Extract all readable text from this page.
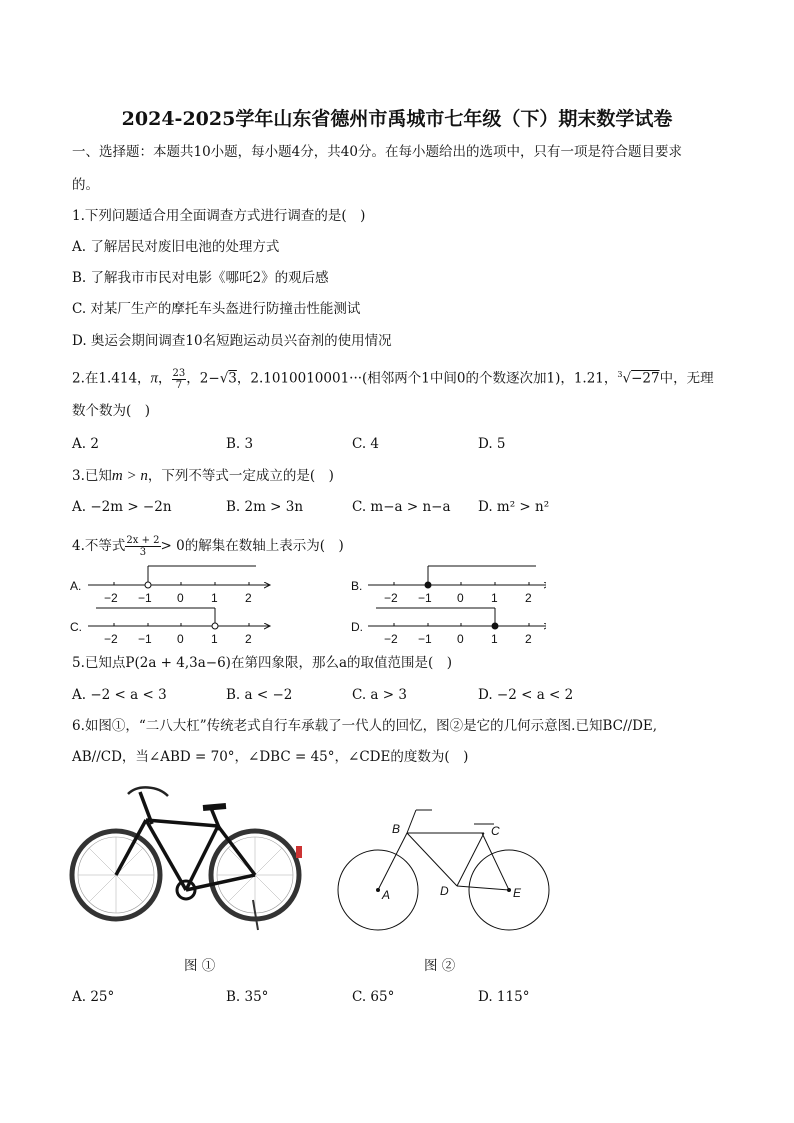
2024-2025学年山东省德州市禹城市七年级（下）期末数学试卷
一、选择题：本题共10小题，每小题4分，共40分。在每小题给出的选项中，只有一项是符合题目要求
的。
1.下列问题适合用全面调查方式进行调查的是(　)
A. 了解居民对废旧电池的处理方式
B. 了解我市市民对电影《哪吒2》的观后感
C. 对某厂生产的摩托车头盔进行防撞击性能测试
D. 奥运会期间调查10名短跑运动员兴奋剂的使用情况
2.在1.414，π， $\frac{23}{7}$ ，2−√3，2.1010010001···(相邻两个1中间0的个数逐次加1)，1.21，$^3$√−27中，无理
数个数为(　)
A. 2	B. 3	C. 4	D. 5
3.已知m > n，下列不等式一定成立的是(　)
A. −2m > −2n	B. 2m > 3n	C. m−a > n−a D. m² > n²
4.不等式 $\frac{2x + 2}{3} > 0$的解集在数轴上表示为(　)
A.
−2 −1 0 1 2
B.
−2 −1 0 1 2
C.
−2 −1 0 1 2
D.
−2 −1 0 1 2
5.已知点P(2a + 4,3a−6)在第四象限，那么a的取值范围是(　)
A. −2 < a < 3	B. a < −2	C. a > 3	D. −2 < a < 2
6.如图①，“二八大杠”传统老式自行车承载了一代人的回忆，图②是它的几何示意图.已知BC//DE,
AB//CD，当∠ABD = 70°，∠DBC = 45°，∠CDE的度数为(　)
B	C
A	D	E
图 ①	图 ②
A. 25°	B. 35°	C. 65°	D. 115°
